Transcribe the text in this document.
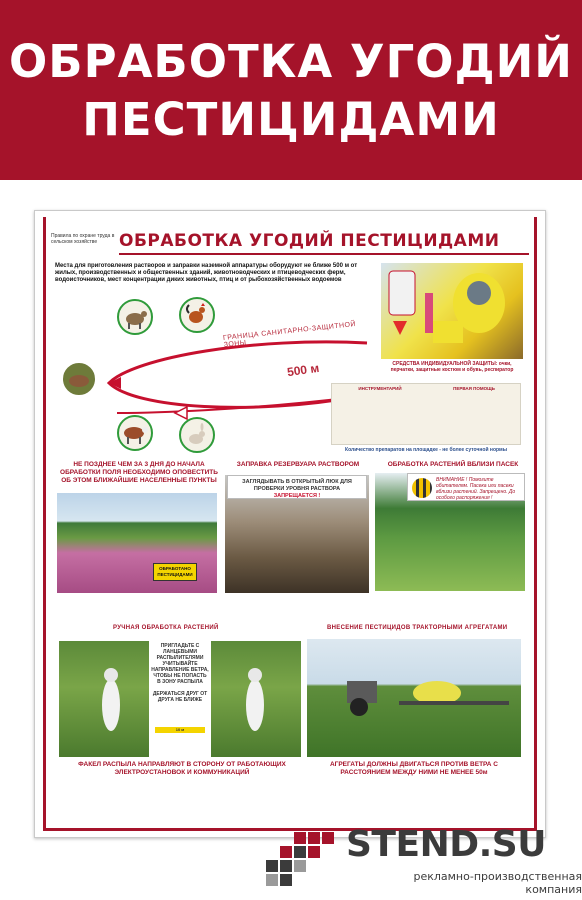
ОБРАБОТКА УГОДИЙ
ПЕСТИЦИДАМИ
Правила по охране труда в сельском хозяйстве	ОБРАБОТКА УГОДИЙ ПЕСТИЦИДАМИ
Места для приготовления растворов и заправки наземной аппаратуры оборудуют не ближе 500 м от жилых, производственных и общественных зданий, животноводческих и птицеводческих ферм, водоисточников, мест концентрации диких животных, птиц и от рыбохозяйственных водоемов
ГРАНИЦА САНИТАРНО-ЗАЩИТНОЙ ЗОНЫ
500 м	СРЕДСТВА ИНДИВИДУАЛЬНОЙ ЗАЩИТЫ: очки, перчатки, защитные костюм и обувь, респиратор
ИНСТРУМЕНТАРИЙ	ПЕРВАЯ ПОМОЩЬ
Количество препаратов на площадке - не более суточной нормы
НЕ ПОЗДНЕЕ ЧЕМ ЗА 3 ДНЯ ДО НАЧАЛА ОБРАБОТКИ ПОЛЯ НЕОБХОДИМО ОПОВЕСТИТЬ ОБ ЭТОМ БЛИЖАЙШИЕ НАСЕЛЕННЫЕ ПУНКТЫ
ЗАПРАВКА РЕЗЕРВУАРА РАСТВОРОМ	ОБРАБОТКА РАСТЕНИЙ ВБЛИЗИ ПАСЕК
ОБРАБОТАНО ПЕСТИЦИДАМИ
ЗАГЛЯДЫВАТЬ В ОТКРЫТЫЙ ЛЮК ДЛЯ ПРОВЕРКИ УРОВНЯ РАСТВОРА
ЗАПРЕЩАЕТСЯ !
ВНИМАНИЕ ! Помогите обитателям. Пасека или пасеки вблизи растений. Запрещено. До особого распоряжения !
РУЧНАЯ ОБРАБОТКА РАСТЕНИЙ	ВНЕСЕНИЕ ПЕСТИЦИДОВ ТРАКТОРНЫМИ АГРЕГАТАМИ
ПРИГЛАДЬТЕ С ЛАНЦЕВЫМИ РАСПЫЛИТЕЛЯМИ УЧИТЫВАЙТЕ НАПРАВЛЕНИЕ ВЕТРА, ЧТОБЫ НЕ ПОПАСТЬ В ЗОНУ РАСПЫЛА
ДЕРЖАТЬСЯ ДРУГ ОТ ДРУГА НЕ БЛИЖЕ
10 м
ФАКЕЛ РАСПЫЛА НАПРАВЛЯЮТ В СТОРОНУ ОТ РАБОТАЮЩИХ ЭЛЕКТРОУСТАНОВОК И КОММУНИКАЦИЙ
АГРЕГАТЫ ДОЛЖНЫ ДВИГАТЬСЯ ПРОТИВ ВЕТРА С РАССТОЯНИЕМ МЕЖДУ НИМИ НЕ МЕНЕЕ 50м
STEND.SU
рекламно-производственная
компания
